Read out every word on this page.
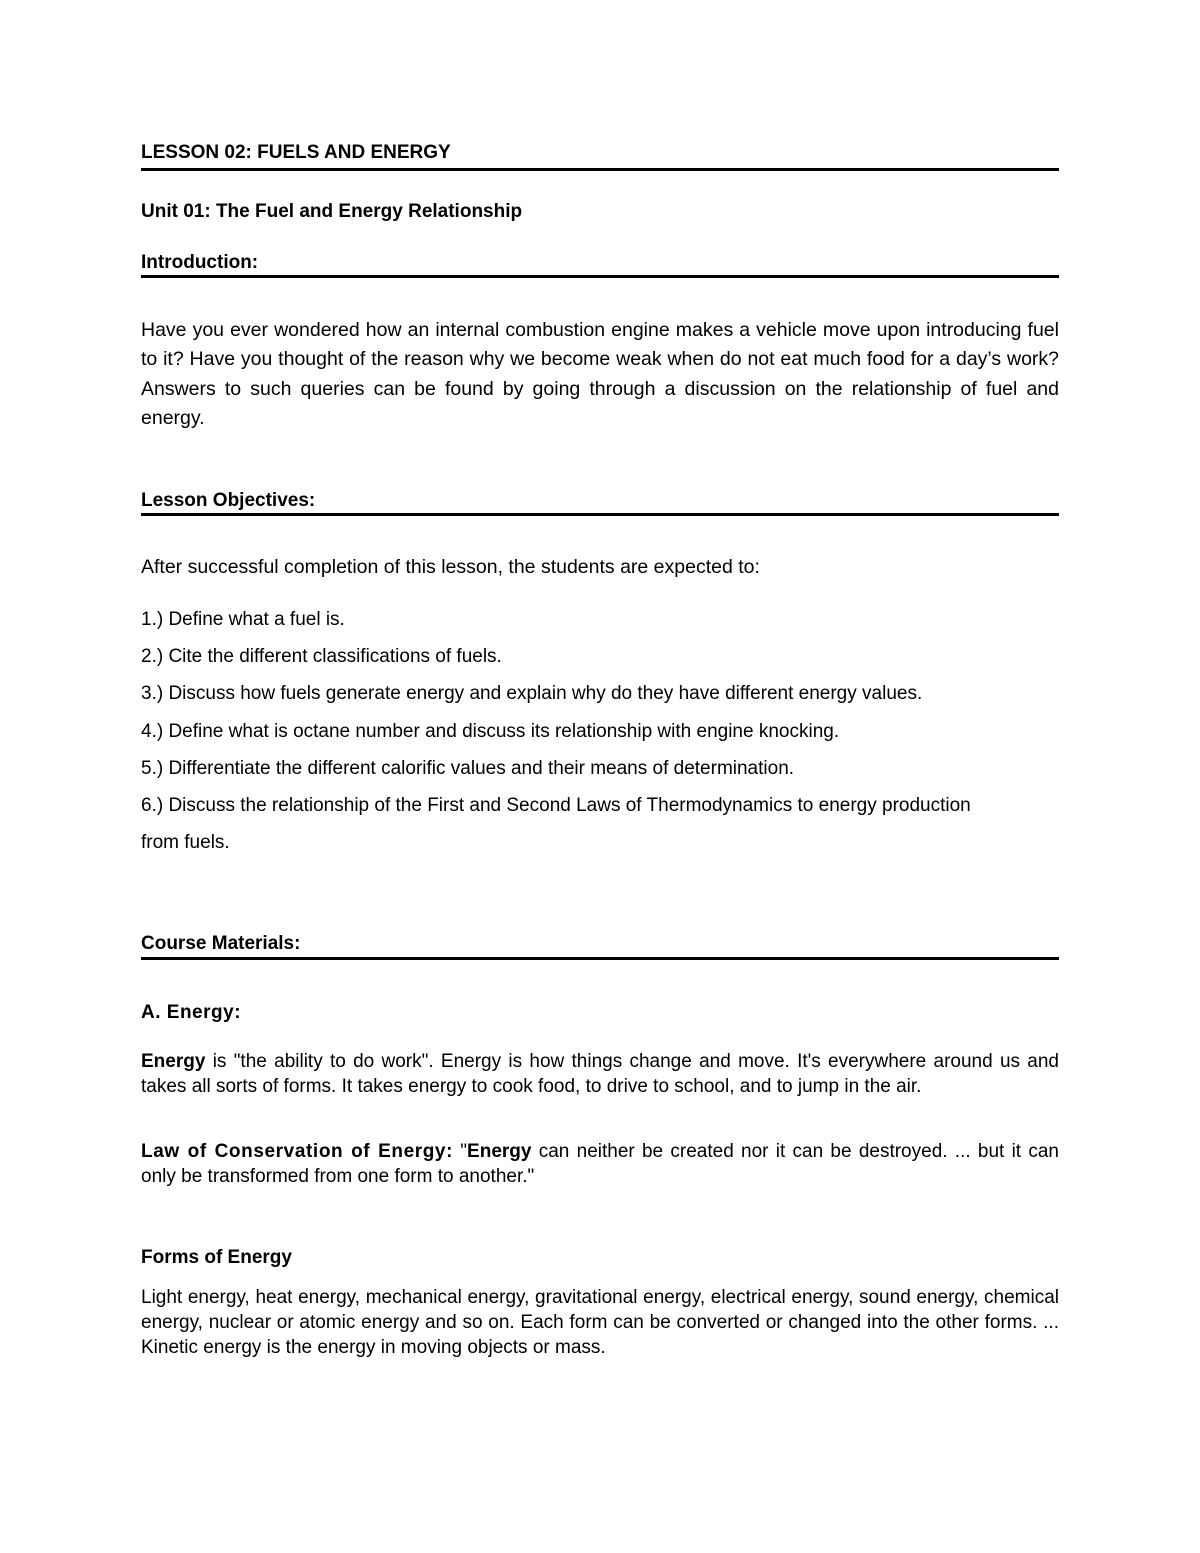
LESSON 02: FUELS AND ENERGY
Unit 01: The Fuel and Energy Relationship
Introduction:

Have you ever wondered how an internal combustion engine makes a vehicle move upon introducing fuel to it? Have you thought of the reason why we become weak when do not eat much food for a day’s work? Answers to such queries can be found by going through a discussion on the relationship of fuel and energy.

Lesson Objectives:
After successful completion of this lesson, the students are expected to:
1.) Define what a fuel is.
2.) Cite the different classifications of fuels.
3.) Discuss how fuels generate energy and explain why do they have different energy values.
4.) Define what is octane number and discuss its relationship with engine knocking.
5.) Differentiate the different calorific values and their means of determination.
6.) Discuss the relationship of the First and Second Laws of Thermodynamics to energy production from fuels.
Course Materials:
A. Energy:

Energy is "the ability to do work". Energy is how things change and move. It's everywhere around us and takes all sorts of forms. It takes energy to cook food, to drive to school, and to jump in the air.

Law of Conservation of Energy: "Energy can neither be created nor it can be destroyed. ... but it can only be transformed from one form to another."

Forms of Energy

Light energy, heat energy, mechanical energy, gravitational energy, electrical energy, sound energy, chemical energy, nuclear or atomic energy and so on. Each form can be converted or changed into the other forms. ... Kinetic energy is the energy in moving objects or mass.
